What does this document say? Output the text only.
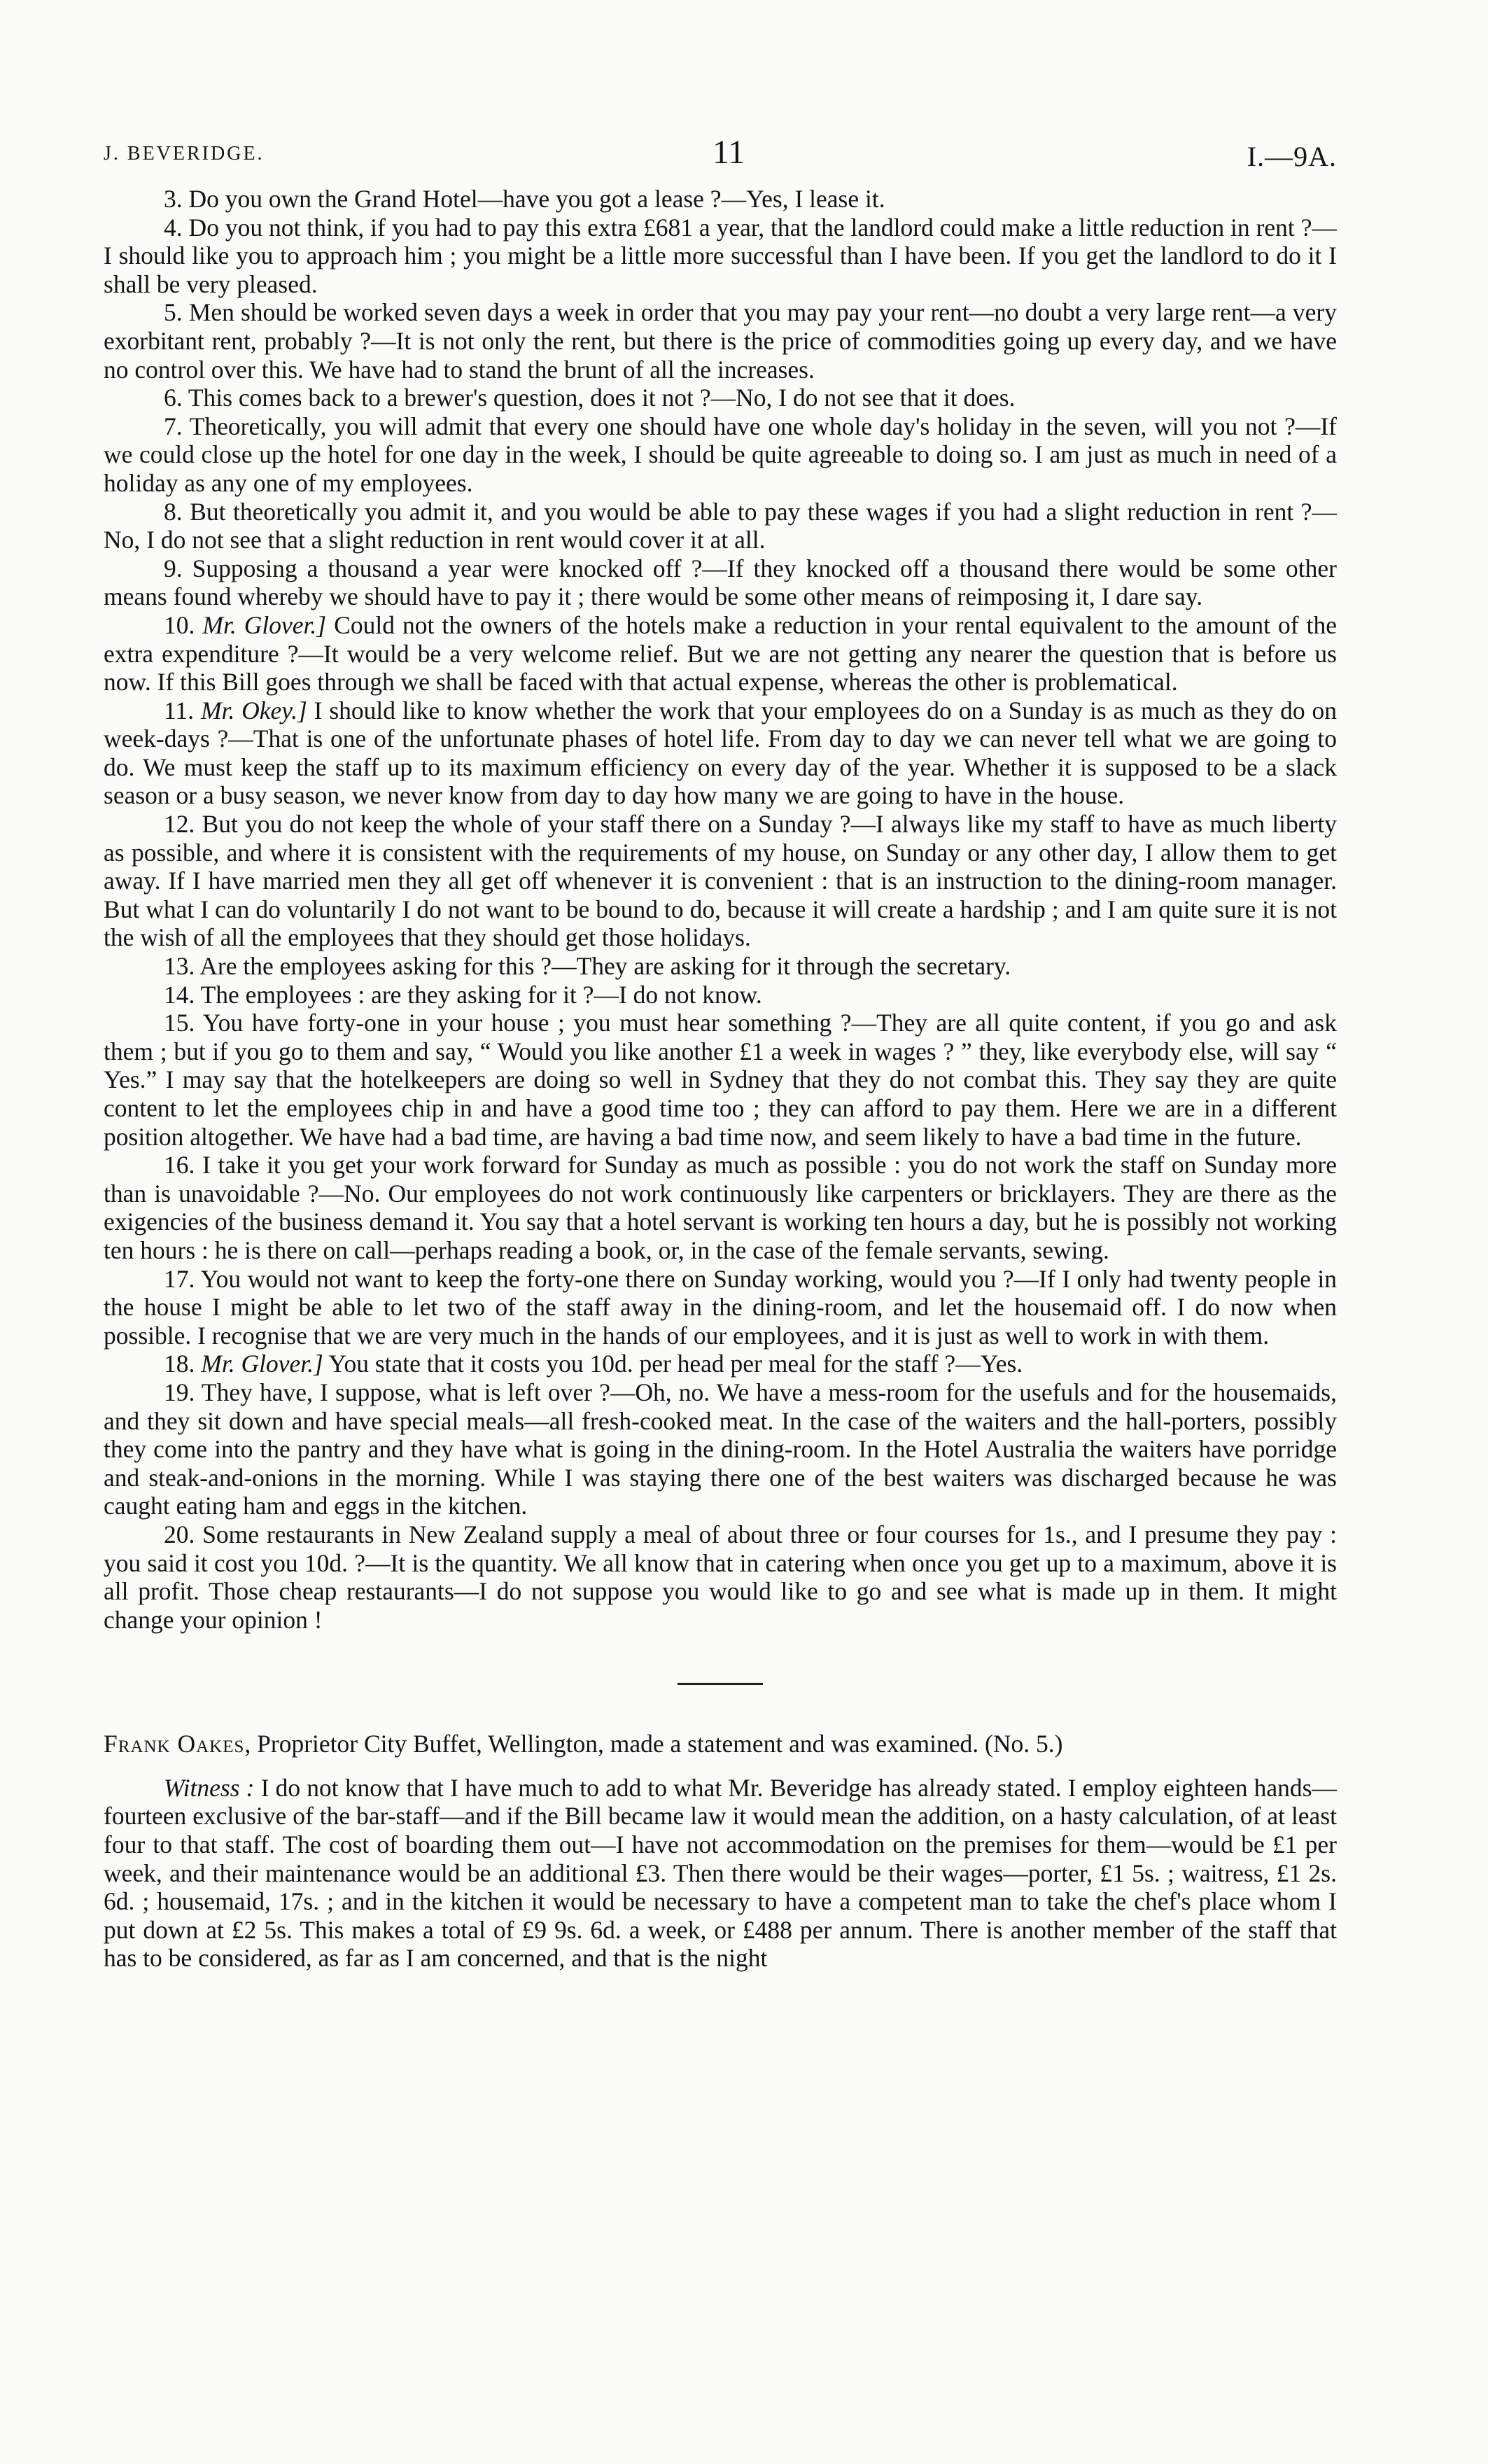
J. BEVERIDGE.	11	I.—9A.

3. Do you own the Grand Hotel—have you got a lease ?—Yes, I lease it.

4. Do you not think, if you had to pay this extra £681 a year, that the landlord could make a little reduction in rent ?—I should like you to approach him ; you might be a little more successful than I have been. If you get the landlord to do it I shall be very pleased.

5. Men should be worked seven days a week in order that you may pay your rent—no doubt a very large rent—a very exorbitant rent, probably ?—It is not only the rent, but there is the price of commodities going up every day, and we have no control over this. We have had to stand the brunt of all the increases.

6. This comes back to a brewer's question, does it not ?—No, I do not see that it does.

7. Theoretically, you will admit that every one should have one whole day's holiday in the seven, will you not ?—If we could close up the hotel for one day in the week, I should be quite agreeable to doing so. I am just as much in need of a holiday as any one of my employees.

8. But theoretically you admit it, and you would be able to pay these wages if you had a slight reduction in rent ?—No, I do not see that a slight reduction in rent would cover it at all.

9. Supposing a thousand a year were knocked off ?—If they knocked off a thousand there would be some other means found whereby we should have to pay it ; there would be some other means of reimposing it, I dare say.

10. Mr. Glover.] Could not the owners of the hotels make a reduction in your rental equivalent to the amount of the extra expenditure ?—It would be a very welcome relief. But we are not getting any nearer the question that is before us now. If this Bill goes through we shall be faced with that actual expense, whereas the other is problematical.

11. Mr. Okey.] I should like to know whether the work that your employees do on a Sunday is as much as they do on week-days ?—That is one of the unfortunate phases of hotel life. From day to day we can never tell what we are going to do. We must keep the staff up to its maximum efficiency on every day of the year. Whether it is supposed to be a slack season or a busy season, we never know from day to day how many we are going to have in the house.

12. But you do not keep the whole of your staff there on a Sunday ?—I always like my staff to have as much liberty as possible, and where it is consistent with the requirements of my house, on Sunday or any other day, I allow them to get away. If I have married men they all get off whenever it is convenient : that is an instruction to the dining-room manager. But what I can do voluntarily I do not want to be bound to do, because it will create a hardship ; and I am quite sure it is not the wish of all the employees that they should get those holidays.

13. Are the employees asking for this ?—They are asking for it through the secretary.

14. The employees : are they asking for it ?—I do not know.

15. You have forty-one in your house ; you must hear something ?—They are all quite content, if you go and ask them ; but if you go to them and say, “ Would you like another £1 a week in wages ? ” they, like everybody else, will say “ Yes.” I may say that the hotelkeepers are doing so well in Sydney that they do not combat this. They say they are quite content to let the employees chip in and have a good time too ; they can afford to pay them. Here we are in a different position altogether. We have had a bad time, are having a bad time now, and seem likely to have a bad time in the future.

16. I take it you get your work forward for Sunday as much as possible : you do not work the staff on Sunday more than is unavoidable ?—No. Our employees do not work continuously like carpenters or bricklayers. They are there as the exigencies of the business demand it. You say that a hotel servant is working ten hours a day, but he is possibly not working ten hours : he is there on call—perhaps reading a book, or, in the case of the female servants, sewing.

17. You would not want to keep the forty-one there on Sunday working, would you ?—If I only had twenty people in the house I might be able to let two of the staff away in the dining-room, and let the housemaid off. I do now when possible. I recognise that we are very much in the hands of our employees, and it is just as well to work in with them.

18. Mr. Glover.] You state that it costs you 10d. per head per meal for the staff ?—Yes.

19. They have, I suppose, what is left over ?—Oh, no. We have a mess-room for the usefuls and for the housemaids, and they sit down and have special meals—all fresh-cooked meat. In the case of the waiters and the hall-porters, possibly they come into the pantry and they have what is going in the dining-room. In the Hotel Australia the waiters have porridge and steak-and-onions in the morning. While I was staying there one of the best waiters was discharged because he was caught eating ham and eggs in the kitchen.

20. Some restaurants in New Zealand supply a meal of about three or four courses for 1s., and I presume they pay : you said it cost you 10d. ?—It is the quantity. We all know that in catering when once you get up to a maximum, above it is all profit. Those cheap restaurants—I do not suppose you would like to go and see what is made up in them. It might change your opinion !

Frank Oakes, Proprietor City Buffet, Wellington, made a statement and was examined. (No. 5.)

Witness : I do not know that I have much to add to what Mr. Beveridge has already stated. I employ eighteen hands—fourteen exclusive of the bar-staff—and if the Bill became law it would mean the addition, on a hasty calculation, of at least four to that staff. The cost of boarding them out—I have not accommodation on the premises for them—would be £1 per week, and their maintenance would be an additional £3. Then there would be their wages—porter, £1 5s. ; waitress, £1 2s. 6d. ; housemaid, 17s. ; and in the kitchen it would be necessary to have a competent man to take the chef's place whom I put down at £2 5s. This makes a total of £9 9s. 6d. a week, or £488 per annum. There is another member of the staff that has to be considered, as far as I am concerned, and that is the night
